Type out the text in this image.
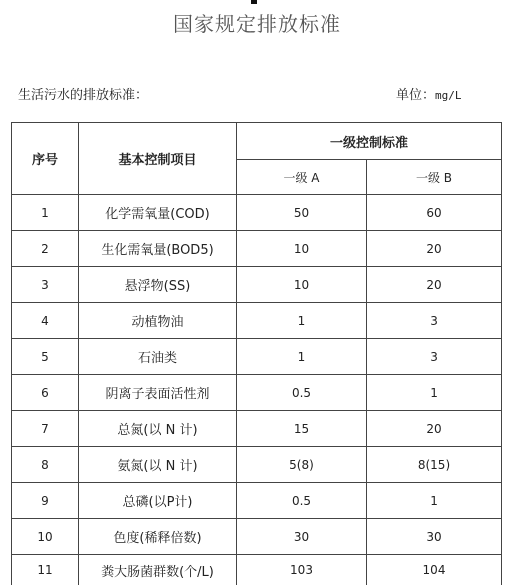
国家规定排放标准
生活污水的排放标准：	单位：mg/L
序号	基本控制项目	一级控制标准	
		一级 A	一级 B
1	化学需氧量(COD)	50	60
2	生化需氧量(BOD5)	10	20
3	悬浮物(SS)	10	20
4	动植物油	1	3
5	石油类	1	3
6	阴离子表面活性剂	0.5	1
7	总氮(以 N 计)	15	20
8	氨氮(以 N 计)	5(8)	8(15)
9	总磷(以P计)	0.5	1
10	色度(稀释倍数)	30	30
11	粪大肠菌群数(个/L)	103	104
